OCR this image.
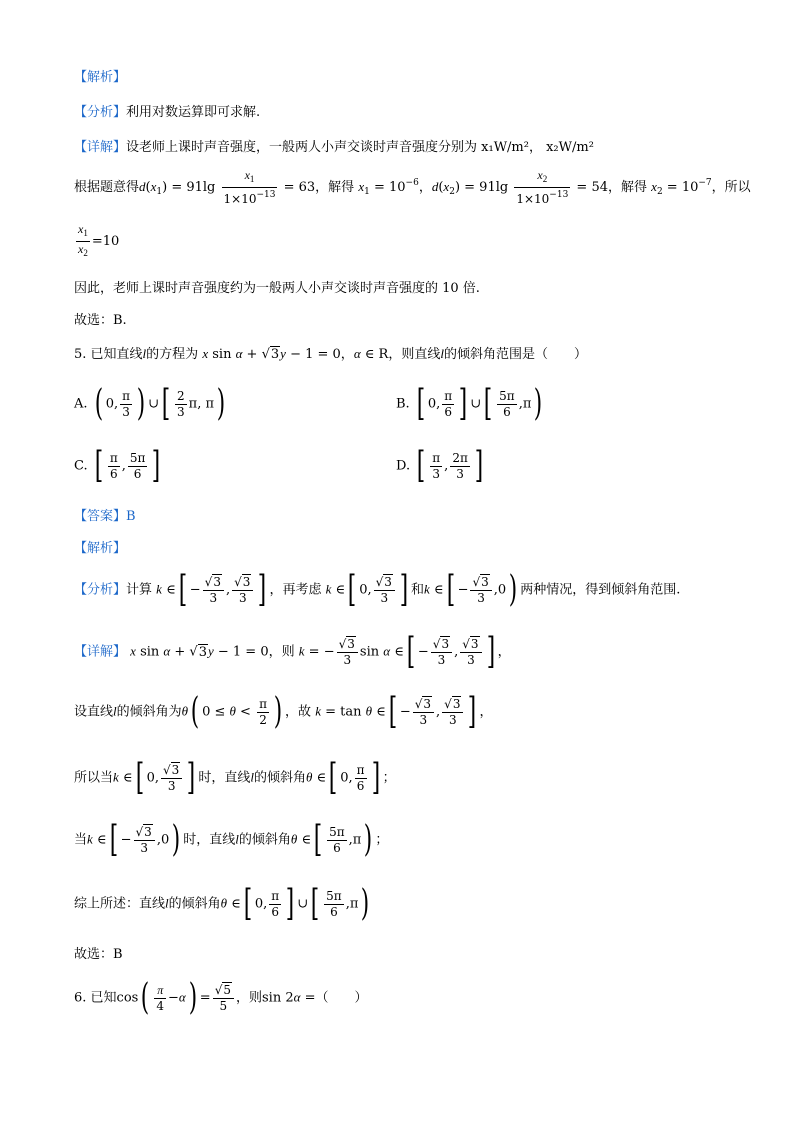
【解析】
【分析】利用对数运算即可求解.
【详解】设老师上课时声音强度，一般两人小声交谈时声音强度分别为 x₁W/m²， x₂W/m²
根据题意得$d(x_1) = 91\lg \frac{x_1}{1\times 10^{-13}} = 63$，解得 $x_1 = 10^{-6}$，$d(x_2) = 91\lg \frac{x_2}{1\times 10^{-13}} = 54$，解得 $x_2 = 10^{-7}$，所以
$\frac{x_1}{x_2} =10$
因此，老师上课时声音强度约为一般两人小声交谈时声音强度的 10 倍.
故选：B.
5. 已知直线l的方程为 x sin α + √3y − 1 = 0，α ∈ R，则直线l的倾斜角范围是（　　）
A. ( 0, $\frac{\pi}{3}$ ) ∪[ $\frac{2}{3} \pi$, π)	B. [ 0, $\frac{\pi}{6}$ ] ∪[ $\frac{5\pi}{6} ,\pi$)
C. [ $\frac{\pi}{6}$ , $\frac{5\pi}{6}$ ]	D. [ $\frac{\pi}{3}$ , $\frac{2\pi}{3}$ ]
【答案】B
【解析】
【分析】计算 k ∈[ − $\frac{√3}{3}$ , $\frac{√3}{3}$ ] ，再考虑 k ∈[ 0, $\frac{√3}{3}$ ] 和k ∈[ − $\frac{√3}{3} ,0$) 两种情况，得到倾斜角范围.
【详解】 x sin α + √3y − 1 = 0，则 k = − $\frac{√3}{3}$ sin α ∈[ − $\frac{√3}{3}$ , $\frac{√3}{3}$ ] ，
设直线l的倾斜角为θ( $0 \le \theta < \frac{\pi}{2}$ ) ，故 k = tan θ ∈[ − $\frac{√3}{3}$ , $\frac{√3}{3}$ ] ，
所以当k ∈[ 0, $\frac{√3}{3}$ ] 时，直线l的倾斜角θ ∈[ 0, $\frac{\pi}{6}$ ] ；
当k ∈[ − $\frac{√3}{3} ,0$) 时，直线l的倾斜角θ ∈[ $\frac{5\pi}{6} ,\pi$) ；
综上所述：直线l的倾斜角θ ∈[ 0, $\frac{\pi}{6}$ ] ∪[ $\frac{5\pi}{6} ,\pi$)
故选：B
6. 已知$\cos( \frac{\pi}{4} -\alpha) = \frac{√5}{5}$ ，则sin 2α =（　　）
